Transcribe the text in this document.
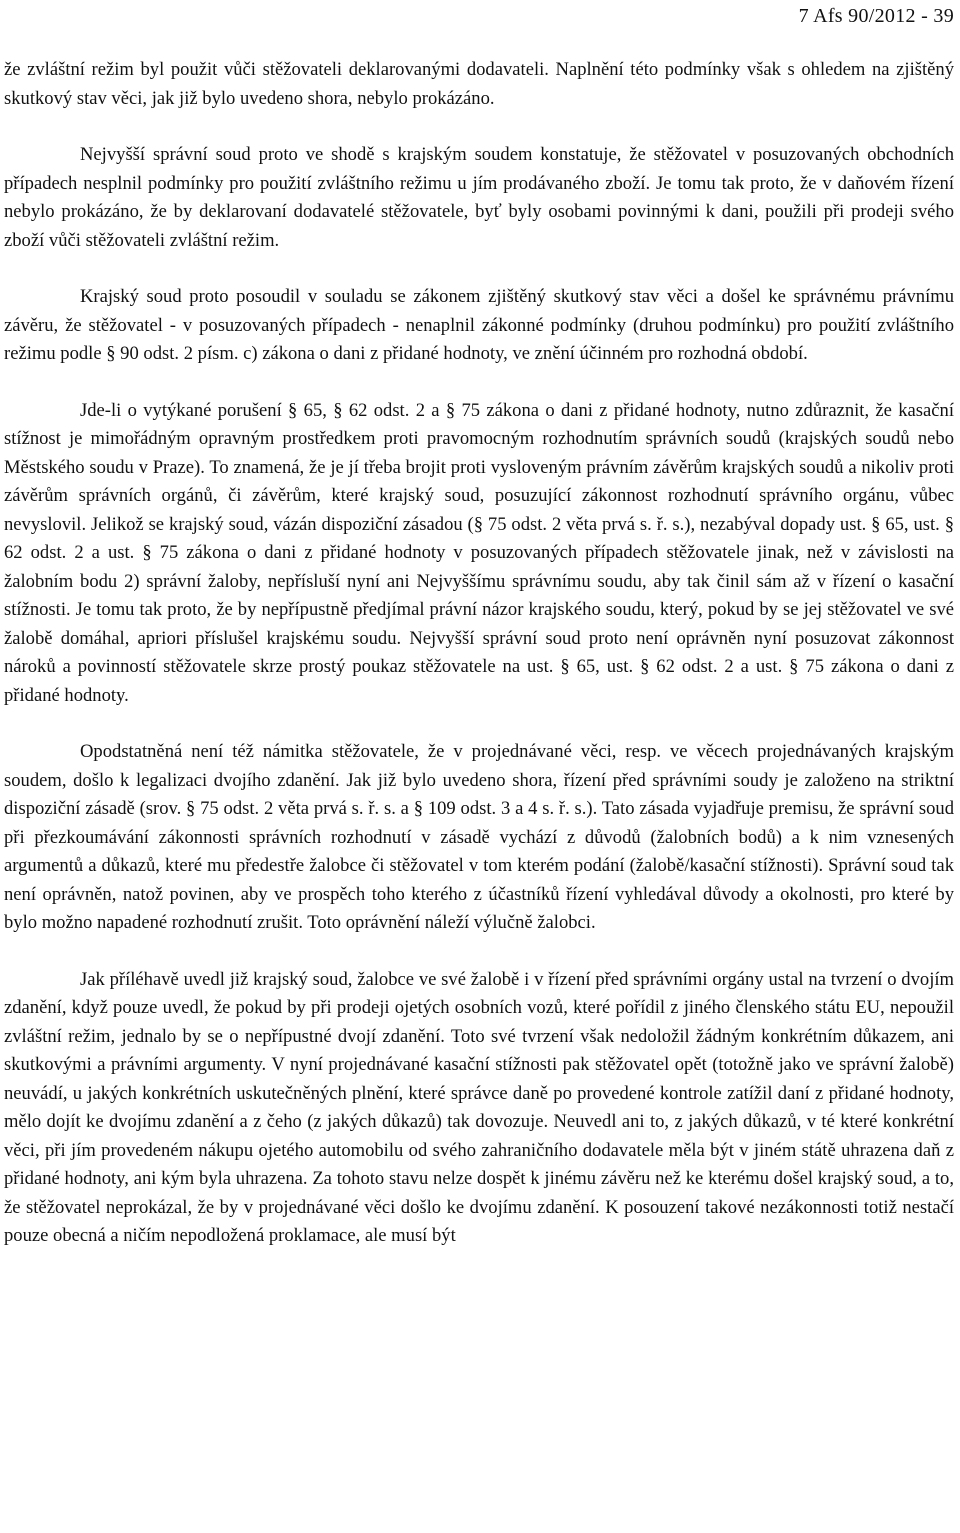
7 Afs 90/2012 - 39

že zvláštní režim byl použit vůči stěžovateli deklarovanými dodavateli. Naplnění této podmínky však s ohledem na zjištěný skutkový stav věci, jak již bylo uvedeno shora, nebylo prokázáno.

Nejvyšší správní soud proto ve shodě s krajským soudem konstatuje, že stěžovatel v posuzovaných obchodních případech nesplnil podmínky pro použití zvláštního režimu u jím prodávaného zboží. Je tomu tak proto, že v daňovém řízení nebylo prokázáno, že by deklarovaní dodavatelé stěžovatele, byť byly osobami povinnými k dani, použili při prodeji svého zboží vůči stěžovateli zvláštní režim.

Krajský soud proto posoudil v souladu se zákonem zjištěný skutkový stav věci a došel ke správnému právnímu závěru, že stěžovatel - v posuzovaných případech - nenaplnil zákonné podmínky (druhou podmínku) pro použití zvláštního režimu podle § 90 odst. 2 písm. c) zákona o dani z přidané hodnoty, ve znění účinném pro rozhodná období.

Jde-li o vytýkané porušení § 65, § 62 odst. 2 a § 75 zákona o dani z přidané hodnoty, nutno zdůraznit, že kasační stížnost je mimořádným opravným prostředkem proti pravomocným rozhodnutím správních soudů (krajských soudů nebo Městského soudu v Praze). To znamená, že je jí třeba brojit proti vysloveným právním závěrům krajských soudů a nikoliv proti závěrům správních orgánů, či závěrům, které krajský soud, posuzující zákonnost rozhodnutí správního orgánu, vůbec nevyslovil. Jelikož se krajský soud, vázán dispoziční zásadou (§ 75 odst. 2 věta prvá s. ř. s.), nezabýval dopady ust. § 65, ust. § 62 odst. 2 a ust. § 75 zákona o dani z přidané hodnoty v posuzovaných případech stěžovatele jinak, než v závislosti na žalobním bodu 2) správní žaloby, nepřísluší nyní ani Nejvyššímu správnímu soudu, aby tak činil sám až v řízení o kasační stížnosti. Je tomu tak proto, že by nepřípustně předjímal právní názor krajského soudu, který, pokud by se jej stěžovatel ve své žalobě domáhal, apriori příslušel krajskému soudu. Nejvyšší správní soud proto není oprávněn nyní posuzovat zákonnost nároků a povinností stěžovatele skrze prostý poukaz stěžovatele na ust. § 65, ust. § 62 odst. 2 a ust. § 75 zákona o dani z přidané hodnoty.

Opodstatněná není též námitka stěžovatele, že v projednávané věci, resp. ve věcech projednávaných krajským soudem, došlo k legalizaci dvojího zdanění. Jak již bylo uvedeno shora, řízení před správními soudy je založeno na striktní dispoziční zásadě (srov. § 75 odst. 2 věta prvá s. ř. s. a § 109 odst. 3 a 4 s. ř. s.). Tato zásada vyjadřuje premisu, že správní soud při přezkoumávání zákonnosti správních rozhodnutí v zásadě vychází z důvodů (žalobních bodů) a k nim vznesených argumentů a důkazů, které mu předestře žalobce či stěžovatel v tom kterém podání (žalobě/kasační stížnosti). Správní soud tak není oprávněn, natož povinen, aby ve prospěch toho kterého z účastníků řízení vyhledával důvody a okolnosti, pro které by bylo možno napadené rozhodnutí zrušit. Toto oprávnění náleží výlučně žalobci.

Jak příléhavě uvedl již krajský soud, žalobce ve své žalobě i v řízení před správními orgány ustal na tvrzení o dvojím zdanění, když pouze uvedl, že pokud by při prodeji ojetých osobních vozů, které pořídil z jiného členského státu EU, nepoužil zvláštní režim, jednalo by se o nepřípustné dvojí zdanění. Toto své tvrzení však nedoložil žádným konkrétním důkazem, ani skutkovými a právními argumenty. V nyní projednávané kasační stížnosti pak stěžovatel opět (totožně jako ve správní žalobě) neuvádí, u jakých konkrétních uskutečněných plnění, které správce daně po provedené kontrole zatížil daní z přidané hodnoty, mělo dojít ke dvojímu zdanění a z čeho (z jakých důkazů) tak dovozuje. Neuvedl ani to, z jakých důkazů, v té které konkrétní věci, při jím provedeném nákupu ojetého automobilu od svého zahraničního dodavatele měla být v jiném státě uhrazena daň z přidané hodnoty, ani kým byla uhrazena. Za tohoto stavu nelze dospět k jinému závěru než ke kterému došel krajský soud, a to, že stěžovatel neprokázal, že by v projednávané věci došlo ke dvojímu zdanění. K posouzení takové nezákonnosti totiž nestačí pouze obecná a ničím nepodložená proklamace, ale musí být
